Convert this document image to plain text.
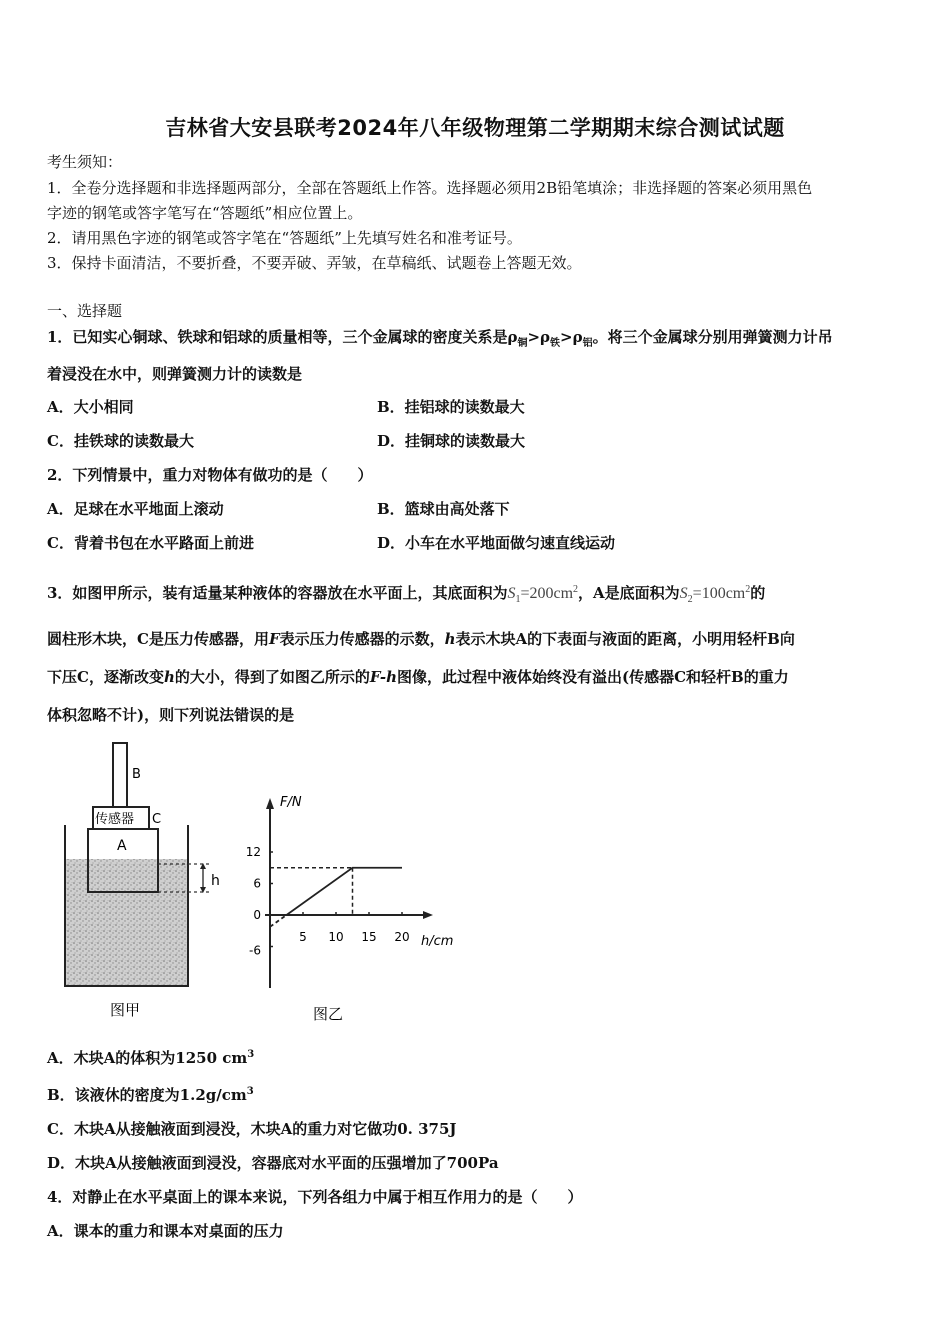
吉林省大安县联考2024年八年级物理第二学期期末综合测试试题
考生须知：
1．全卷分选择题和非选择题两部分，全部在答题纸上作答。选择题必须用2B铅笔填涂；非选择题的答案必须用黑色
字迹的钢笔或答字笔写在“答题纸”相应位置上。
2．请用黑色字迹的钢笔或答字笔在“答题纸”上先填写姓名和准考证号。
3．保持卡面清洁，不要折叠，不要弄破、弄皱，在草稿纸、试题卷上答题无效。
一、选择题
1．已知实心铜球、铁球和铝球的质量相等，三个金属球的密度关系是$\rho_铜>\rho_铁>\rho_铝$。将三个金属球分别用弹簧测力计吊
着浸没在水中，则弹簧测力计的读数是
A．大小相同	B．挂铝球的读数最大
C．挂铁球的读数最大	D．挂铜球的读数最大
2．下列情景中，重力对物体有做功的是（　　）
A．足球在水平地面上滚动	B．篮球由高处落下
C．背着书包在水平路面上前进	D．小车在水平地面做匀速直线运动
3．如图甲所示，装有适量某种液体的容器放在水平面上，其底面积为$S_1=200cm^2$，A是底面积为$S_2=100cm^2$的
圆柱形木块，C是压力传感器，用F表示压力传感器的示数，h表示木块A的下表面与液面的距离，小明用轻杆B向
下压C，逐渐改变h的大小，得到了如图乙所示的F-h图像，此过程中液体始终没有溢出(传感器C和轻杆B的重力
体积忽略不计)，则下列说法错误的是
B
传感器 C
A
h
图甲
5 10 15 20
12
6
0
-6
F/N
h/cm
图乙
A．木块A的体积为1250 $cm^3$
B．该液休的密度为$1.2g/cm^3$
C．木块A从接触液面到浸没，木块A的重力对它做功0. 375J
D．木块A从接触液面到浸没，容器底对水平面的压强增加了700Pa
4．对静止在水平桌面上的课本来说，下列各组力中属于相互作用力的是（　　）
A．课本的重力和课本对桌面的压力
